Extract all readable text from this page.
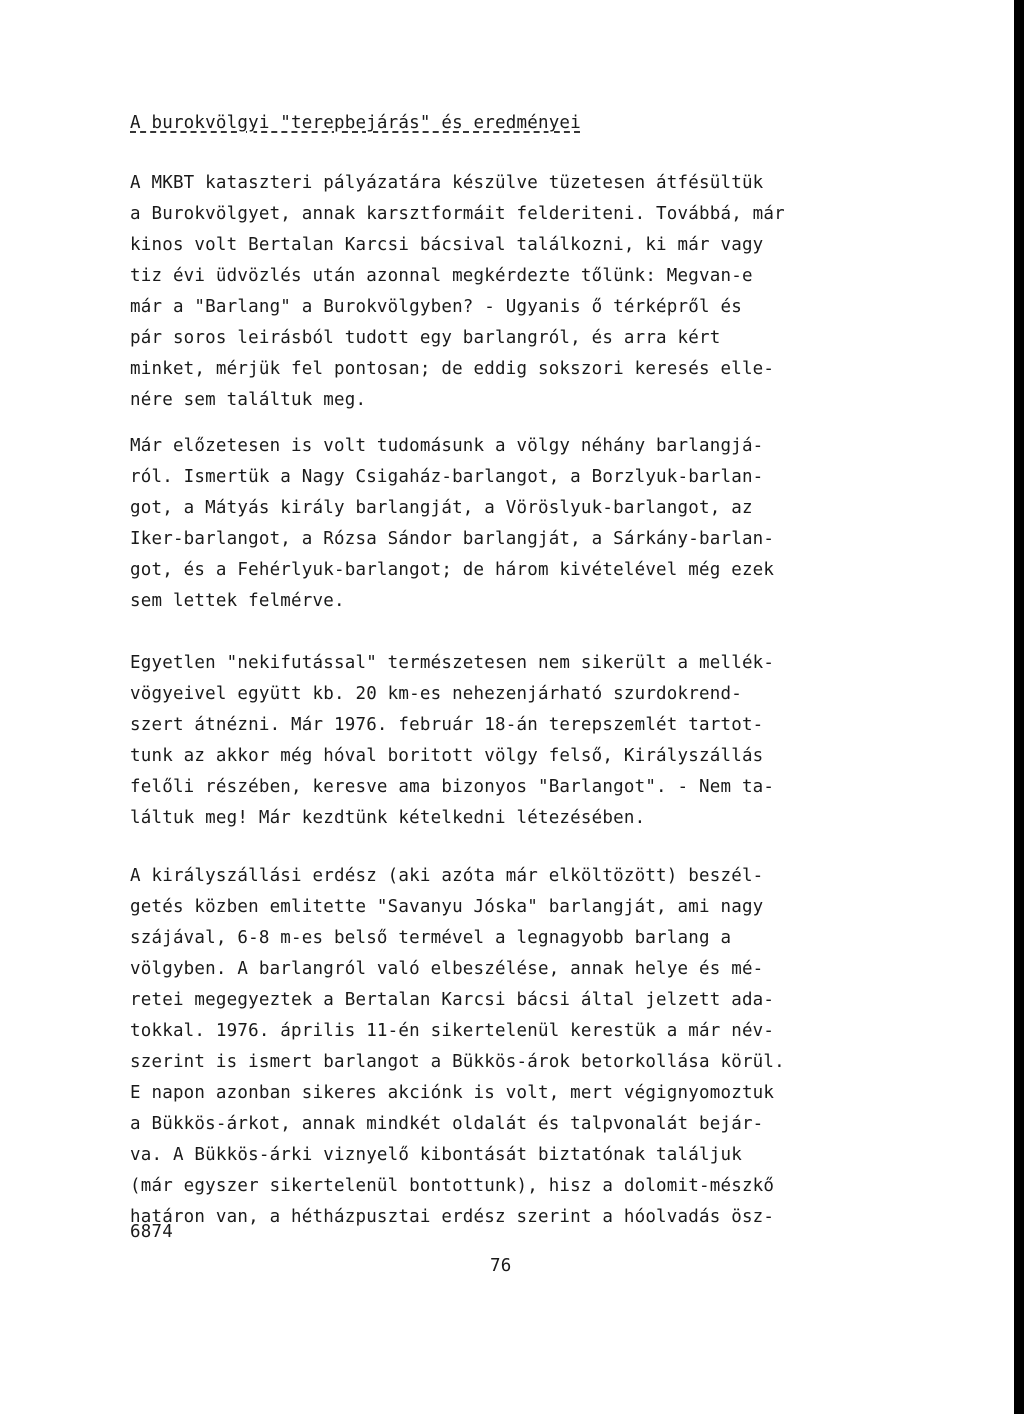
A burokvölgyi "terepbejárás" és eredményei
A MKBT kataszteri pályázatára készülve tüzetesen átfésültük
a Burokvölgyet, annak karsztformáit felderiteni. Továbbá, már
kinos volt Bertalan Karcsi bácsival találkozni, ki már vagy
tiz évi üdvözlés után azonnal megkérdezte tőlünk: Megvan-e
már a "Barlang" a Burokvölgyben? - Ugyanis ő térképről és
pár soros leirásból tudott egy barlangról, és arra kért
minket, mérjük fel pontosan; de eddig sokszori keresés elle-
nére sem találtuk meg.
Már előzetesen is volt tudomásunk a völgy néhány barlangjá-
ról. Ismertük a Nagy Csigaház-barlangot, a Borzlyuk-barlan-
got, a Mátyás király barlangját, a Vöröslyuk-barlangot, az
Iker-barlangot, a Rózsa Sándor barlangját, a Sárkány-barlan-
got, és a Fehérlyuk-barlangot; de három kivételével még ezek
sem lettek felmérve.
Egyetlen "nekifutással" természetesen nem sikerült a mellék-
vögyeivel együtt kb. 20 km-es nehezenjárható szurdokrend-
szert átnézni. Már 1976. február 18-án terepszemlét tartot-
tunk az akkor még hóval boritott völgy felső, Királyszállás
felőli részében, keresve ama bizonyos "Barlangot". - Nem ta-
láltuk meg! Már kezdtünk kételkedni létezésében.
A királyszállási erdész (aki azóta már elköltözött) beszél-
getés közben emlitette "Savanyu Jóska" barlangját, ami nagy
szájával, 6-8 m-es belső termével a legnagyobb barlang a
völgyben. A barlangról való elbeszélése, annak helye és mé-
retei megegyeztek a Bertalan Karcsi bácsi által jelzett ada-
tokkal. 1976. április 11-én sikertelenül kerestük a már név-
szerint is ismert barlangot a Bükkös-árok betorkollása körül.
E napon azonban sikeres akciónk is volt, mert végignyomoztuk
a Bükkös-árkot, annak mindkét oldalát és talpvonalát bejár-
va. A Bükkös-árki viznyelő kibontását biztatónak találjuk
(már egyszer sikertelenül bontottunk), hisz a dolomit-mészkő
határon van, a hétházpusztai erdész szerint a hóolvadás ösz-
6874
76
